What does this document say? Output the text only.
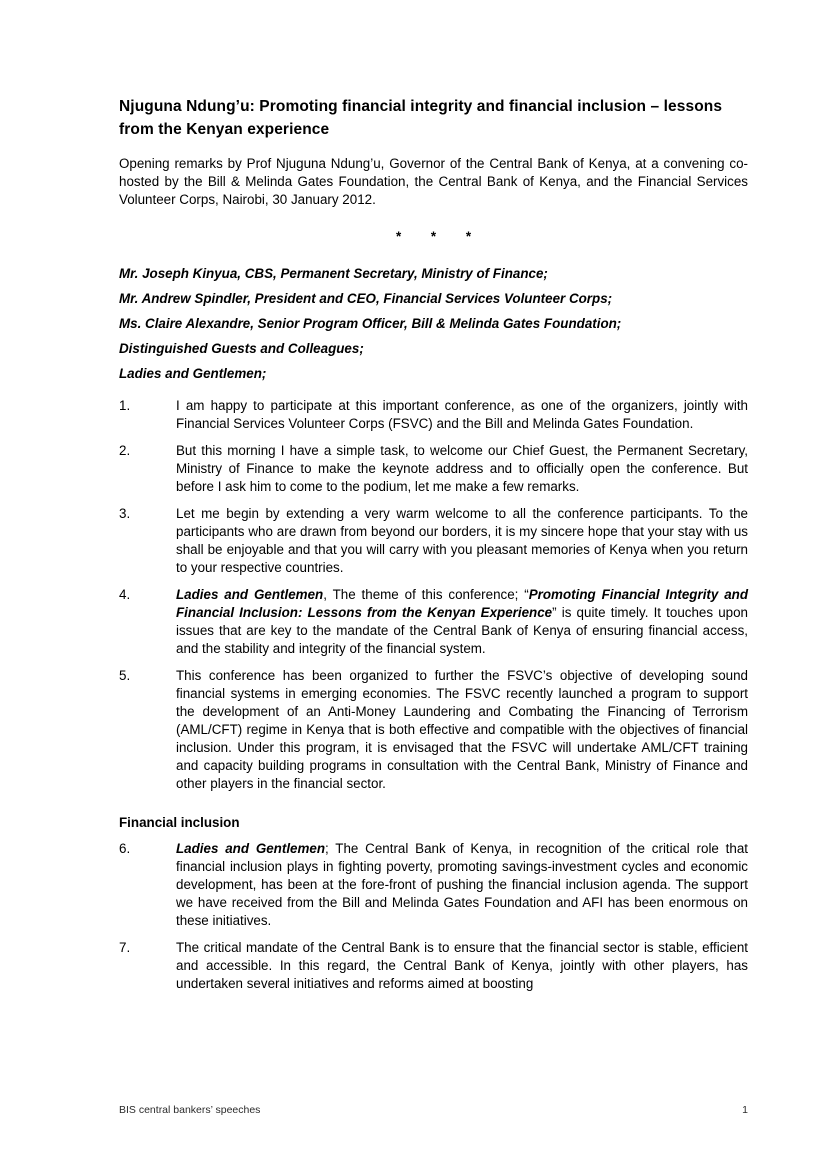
Njuguna Ndung’u: Promoting financial integrity and financial inclusion – lessons from the Kenyan experience
Opening remarks by Prof Njuguna Ndung’u, Governor of the Central Bank of Kenya, at a convening co-hosted by the Bill & Melinda Gates Foundation, the Central Bank of Kenya, and the Financial Services Volunteer Corps, Nairobi, 30 January 2012.
* * *
Mr. Joseph Kinyua, CBS, Permanent Secretary, Ministry of Finance;
Mr. Andrew Spindler, President and CEO, Financial Services Volunteer Corps;
Ms. Claire Alexandre, Senior Program Officer, Bill & Melinda Gates Foundation;
Distinguished Guests and Colleagues;
Ladies and Gentlemen;
1.	I am happy to participate at this important conference, as one of the organizers, jointly with Financial Services Volunteer Corps (FSVC) and the Bill and Melinda Gates Foundation.
2.	But this morning I have a simple task, to welcome our Chief Guest, the Permanent Secretary, Ministry of Finance to make the keynote address and to officially open the conference. But before I ask him to come to the podium, let me make a few remarks.
3.	Let me begin by extending a very warm welcome to all the conference participants. To the participants who are drawn from beyond our borders, it is my sincere hope that your stay with us shall be enjoyable and that you will carry with you pleasant memories of Kenya when you return to your respective countries.
4.	Ladies and Gentlemen, The theme of this conference; “Promoting Financial Integrity and Financial Inclusion: Lessons from the Kenyan Experience” is quite timely. It touches upon issues that are key to the mandate of the Central Bank of Kenya of ensuring financial access, and the stability and integrity of the financial system.
5.	This conference has been organized to further the FSVC’s objective of developing sound financial systems in emerging economies. The FSVC recently launched a program to support the development of an Anti-Money Laundering and Combating the Financing of Terrorism (AML/CFT) regime in Kenya that is both effective and compatible with the objectives of financial inclusion. Under this program, it is envisaged that the FSVC will undertake AML/CFT training and capacity building programs in consultation with the Central Bank, Ministry of Finance and other players in the financial sector.
Financial inclusion
6.	Ladies and Gentlemen; The Central Bank of Kenya, in recognition of the critical role that financial inclusion plays in fighting poverty, promoting savings-investment cycles and economic development, has been at the fore-front of pushing the financial inclusion agenda. The support we have received from the Bill and Melinda Gates Foundation and AFI has been enormous on these initiatives.
7.	The critical mandate of the Central Bank is to ensure that the financial sector is stable, efficient and accessible. In this regard, the Central Bank of Kenya, jointly with other players, has undertaken several initiatives and reforms aimed at boosting
BIS central bankers’ speeches	1
